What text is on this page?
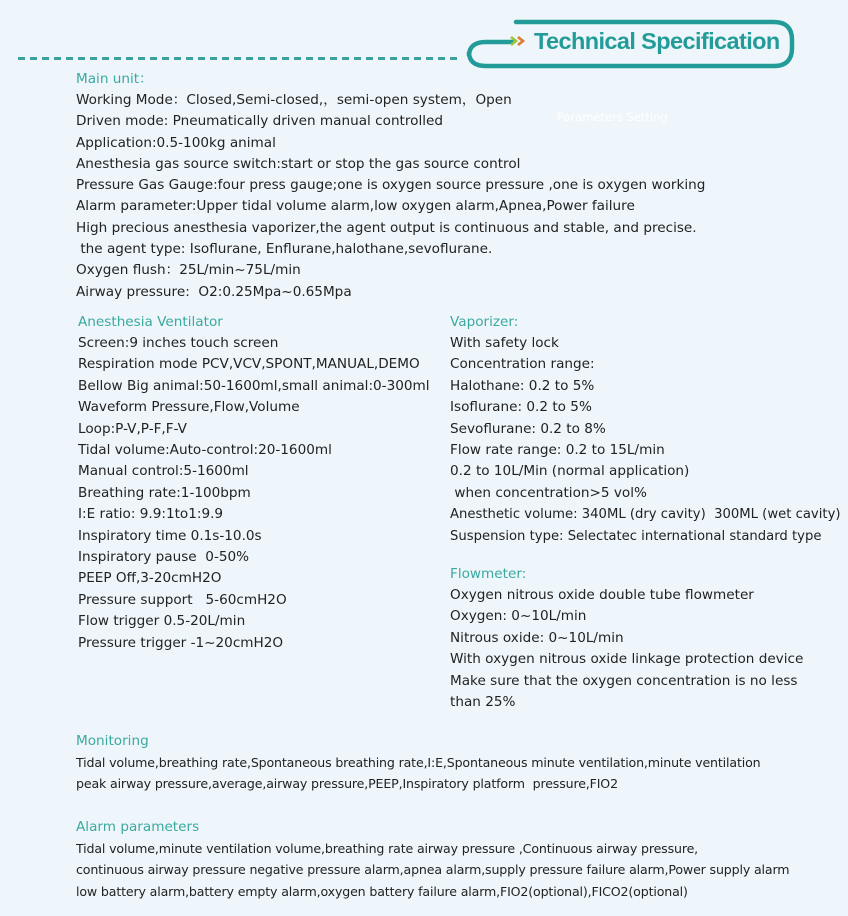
Technical Specification
Parameters Setting
Main unit：
Working Mode：Closed,Semi-closed,，semi-open system，Open
Driven mode: Pneumatically driven manual controlled
Application:0.5-100kg animal
Anesthesia gas source switch:start or stop the gas source control
Pressure Gas Gauge:four press gauge;one is oxygen source pressure ,one is oxygen working
Alarm parameter:Upper tidal volume alarm,low oxygen alarm,Apnea,Power failure
High precious anesthesia vaporizer,the agent output is continuous and stable, and precise.
the agent type: Isoflurane, Enflurane,halothane,sevoflurane.
Oxygen flush：25L/min~75L/min
Airway pressure:  O2:0.25Mpa~0.65Mpa
Anesthesia Ventilator
Screen:9 inches touch screen
Respiration mode PCV,VCV,SPONT,MANUAL,DEMO
Bellow Big animal:50-1600ml,small animal:0-300ml
Waveform Pressure,Flow,Volume
Loop:P-V,P-F,F-V
Tidal volume:Auto-control:20-1600ml
Manual control:5-1600ml
Breathing rate:1-100bpm
I:E ratio: 9.9:1to1:9.9
Inspiratory time 0.1s-10.0s
Inspiratory pause  0-50%
PEEP Off,3-20cmH2O
Pressure support   5-60cmH2O
Flow trigger 0.5-20L/min
Pressure trigger -1~20cmH2O
Vaporizer:
With safety lock
Concentration range:
Halothane: 0.2 to 5%
Isoflurane: 0.2 to 5%
Sevoflurane: 0.2 to 8%
Flow rate range: 0.2 to 15L/min
0.2 to 10L/Min (normal application)
when concentration>5 vol%
Anesthetic volume: 340ML (dry cavity)  300ML (wet cavity)
Suspension type: Selectatec international standard type
Flowmeter:
Oxygen nitrous oxide double tube flowmeter
Oxygen: 0~10L/min
Nitrous oxide: 0~10L/min
With oxygen nitrous oxide linkage protection device
Make sure that the oxygen concentration is no less
than 25%
Monitoring
Tidal volume,breathing rate,Spontaneous breathing rate,I:E,Spontaneous minute ventilation,minute ventilation
peak airway pressure,average,airway pressure,PEEP,Inspiratory platform  pressure,FIO2
Alarm parameters
Tidal volume,minute ventilation volume,breathing rate airway pressure ,Continuous airway pressure,
continuous airway pressure negative pressure alarm,apnea alarm,supply pressure failure alarm,Power supply alarm
low battery alarm,battery empty alarm,oxygen battery failure alarm,FIO2(optional),FICO2(optional)
